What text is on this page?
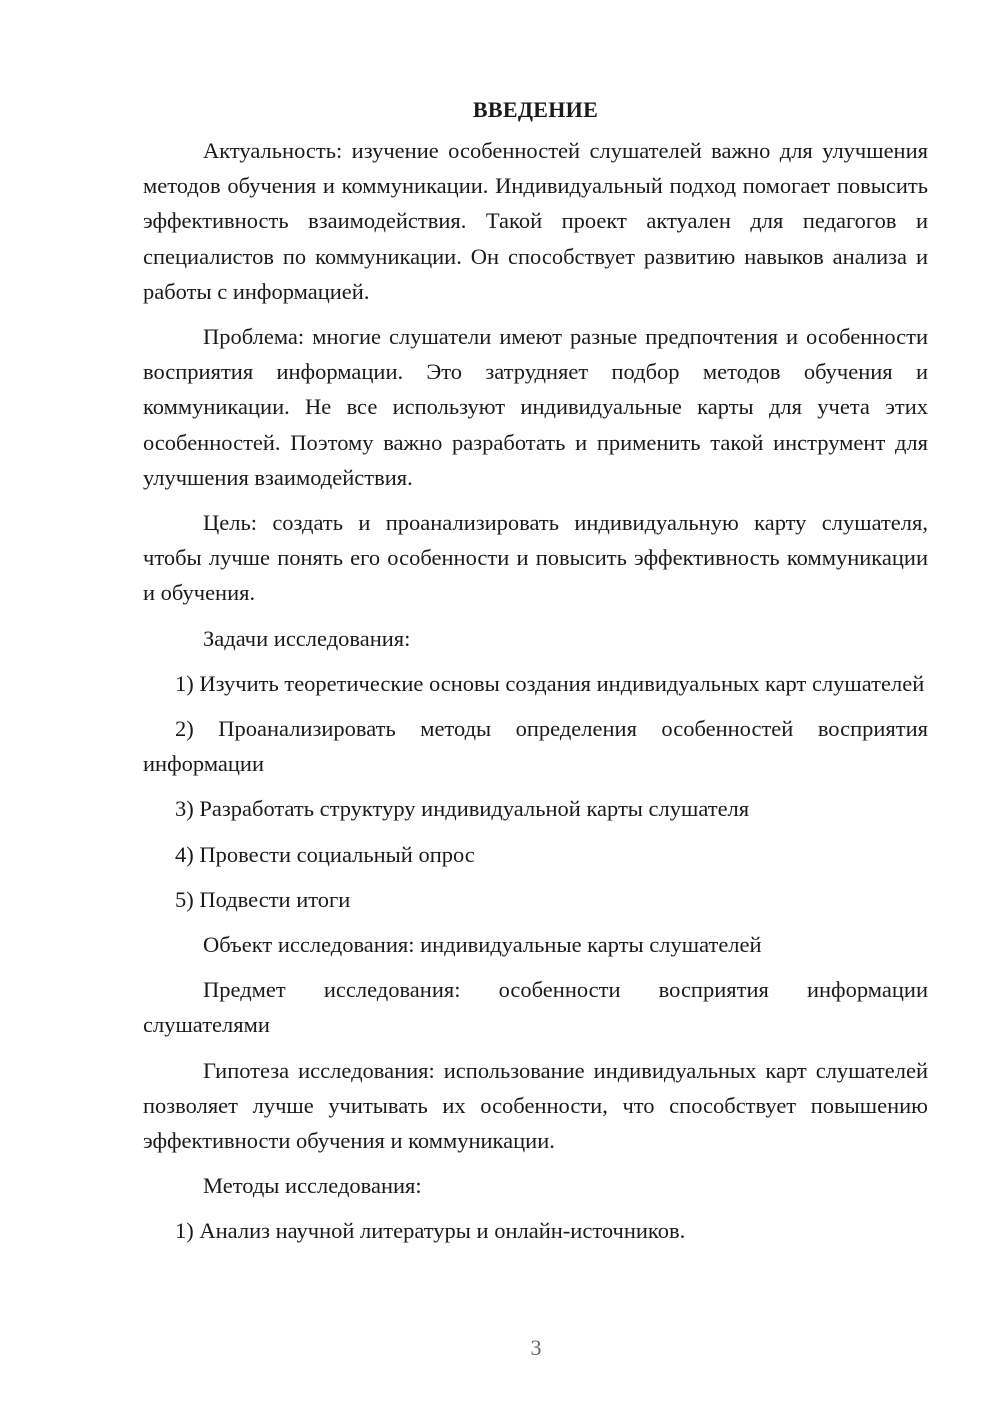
ВВЕДЕНИЕ

Актуальность: изучение особенностей слушателей важно для улучшения методов обучения и коммуникации. Индивидуальный подход помогает повысить эффективность взаимодействия. Такой проект актуален для педагогов и специалистов по коммуникации. Он способствует развитию навыков анализа и работы с информацией.

Проблема: многие слушатели имеют разные предпочтения и особенности восприятия информации. Это затрудняет подбор методов обучения и коммуникации. Не все используют индивидуальные карты для учета этих особенностей. Поэтому важно разработать и применить такой инструмент для улучшения взаимодействия.

Цель: создать и проанализировать индивидуальную карту слушателя, чтобы лучше понять его особенности и повысить эффективность коммуникации и обучения.

Задачи исследования:

1) Изучить теоретические основы создания индивидуальных карт слушателей

2) Проанализировать методы определения особенностей восприятия информации

3) Разработать структуру индивидуальной карты слушателя

4) Провести социальный опрос

5) Подвести итоги

Объект исследования: индивидуальные карты слушателей

Предмет исследования: особенности восприятия информации слушателями

Гипотеза исследования: использование индивидуальных карт слушателей позволяет лучше учитывать их особенности, что способствует повышению эффективности обучения и коммуникации.

Методы исследования:

1) Анализ научной литературы и онлайн-источников.

3
